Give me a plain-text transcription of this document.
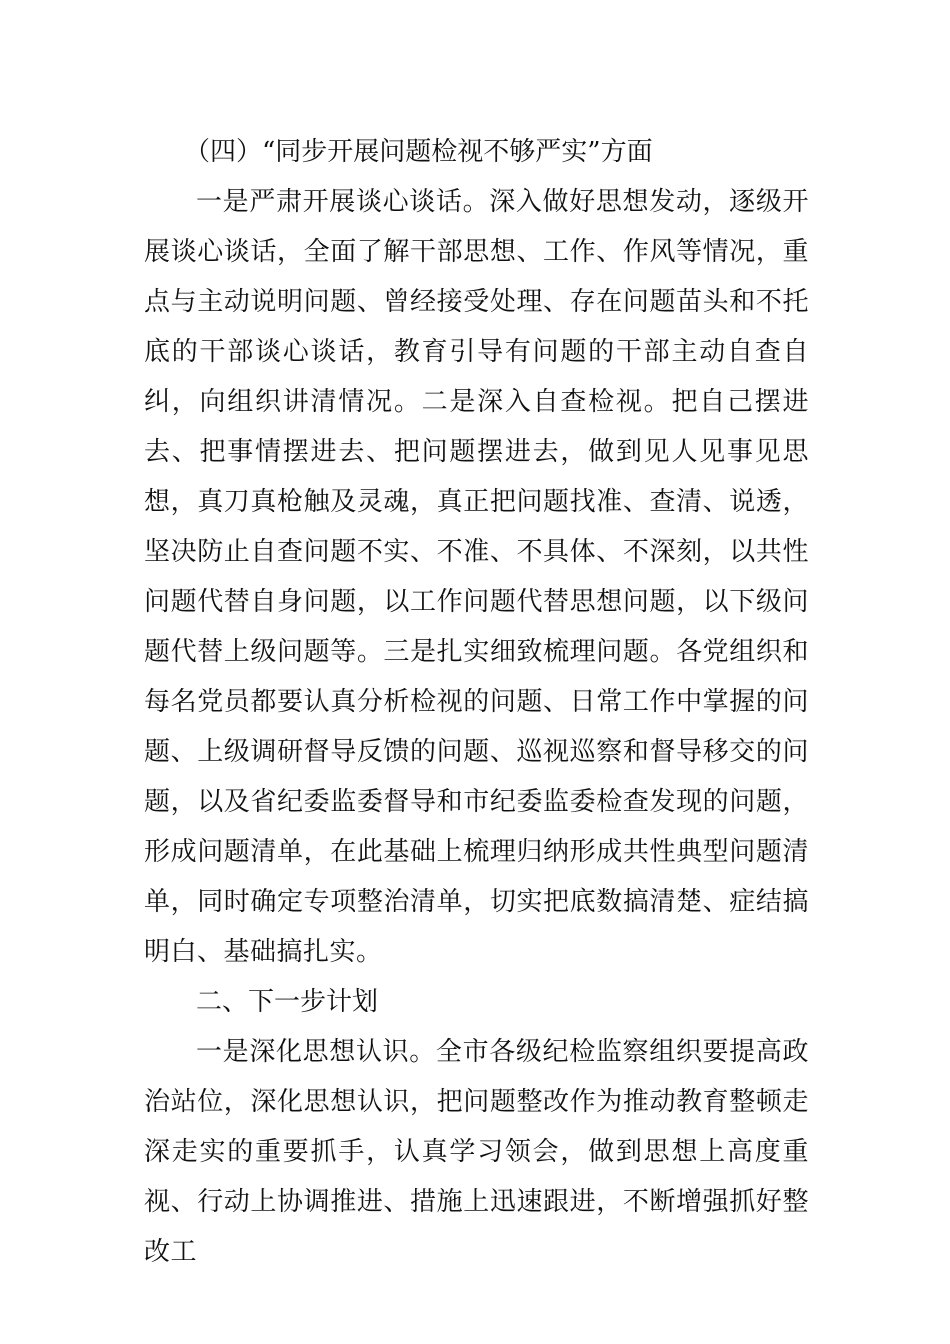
（四）“同步开展问题检视不够严实”方面

一是严肃开展谈心谈话。深入做好思想发动，逐级开展谈心谈话，全面了解干部思想、工作、作风等情况，重点与主动说明问题、曾经接受处理、存在问题苗头和不托底的干部谈心谈话，教育引导有问题的干部主动自查自纠，向组织讲清情况。二是深入自查检视。把自己摆进去、把事情摆进去、把问题摆进去，做到见人见事见思想，真刀真枪触及灵魂，真正把问题找准、查清、说透，坚决防止自查问题不实、不准、不具体、不深刻，以共性问题代替自身问题，以工作问题代替思想问题，以下级问题代替上级问题等。三是扎实细致梳理问题。各党组织和每名党员都要认真分析检视的问题、日常工作中掌握的问题、上级调研督导反馈的问题、巡视巡察和督导移交的问题，以及省纪委监委督导和市纪委监委检查发现的问题，形成问题清单，在此基础上梳理归纳形成共性典型问题清单，同时确定专项整治清单，切实把底数搞清楚、症结搞明白、基础搞扎实。

二、下一步计划

一是深化思想认识。全市各级纪检监察组织要提高政治站位，深化思想认识，把问题整改作为推动教育整顿走深走实的重要抓手，认真学习领会，做到思想上高度重视、行动上协调推进、措施上迅速跟进，不断增强抓好整改工
